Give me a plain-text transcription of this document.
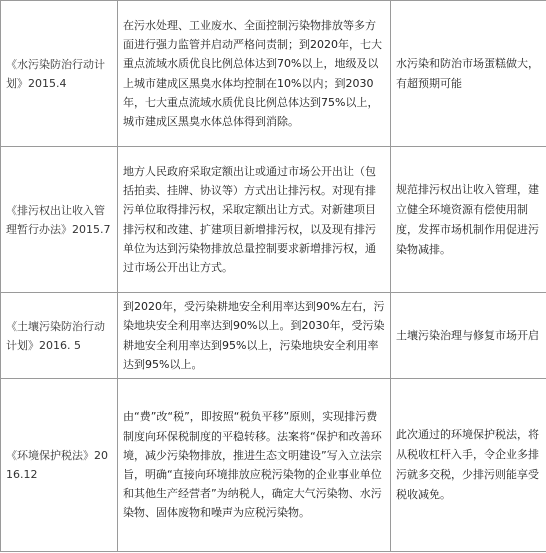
《水污染防治行动计划》2015.4	在污水处理、工业废水、全面控制污染物排放等多方面进行强力监管并启动严格问责制；到2020年，七大重点流域水质优良比例总体达到70%以上，地级及以上城市建成区黑臭水体均控制在10%以内；到2030年，七大重点流域水质优良比例总体达到75%以上，城市建成区黑臭水体总体得到消除。	水污染和防治市场蛋糕做大，有超预期可能
《排污权出让收入管理暂行办法》2015.7	地方人民政府采取定额出让或通过市场公开出让（包括拍卖、挂牌、协议等）方式出让排污权。对现有排污单位取得排污权，采取定额出让方式。对新建项目排污权和改建、扩建项目新增排污权，以及现有排污单位为达到污染物排放总量控制要求新增排污权，通过市场公开出让方式。	规范排污权出让收入管理，建立健全环境资源有偿使用制度，发挥市场机制作用促进污染物减排。
《土壤污染防治行动计划》2016. 5	到2020年，受污染耕地安全利用率达到90%左右，污染地块安全利用率达到90%以上。到2030年，受污染耕地安全利用率达到95%以上，污染地块安全利用率达到95%以上。	土壤污染治理与修复市场开启
《环境保护税法》2016.12	由“费”改“税”，即按照“税负平移”原则，实现排污费制度向环保税制度的平稳转移。法案将“保护和改善环境，减少污染物排放，推进生态文明建设”写入立法宗旨，明确“直接向环境排放应税污染物的企业事业单位和其他生产经营者”为纳税人，确定大气污染物、水污染物、固体废物和噪声为应税污染物。	此次通过的环境保护税法，将从税收杠杆入手，令企业多排污就多交税，少排污则能享受税收减免。
